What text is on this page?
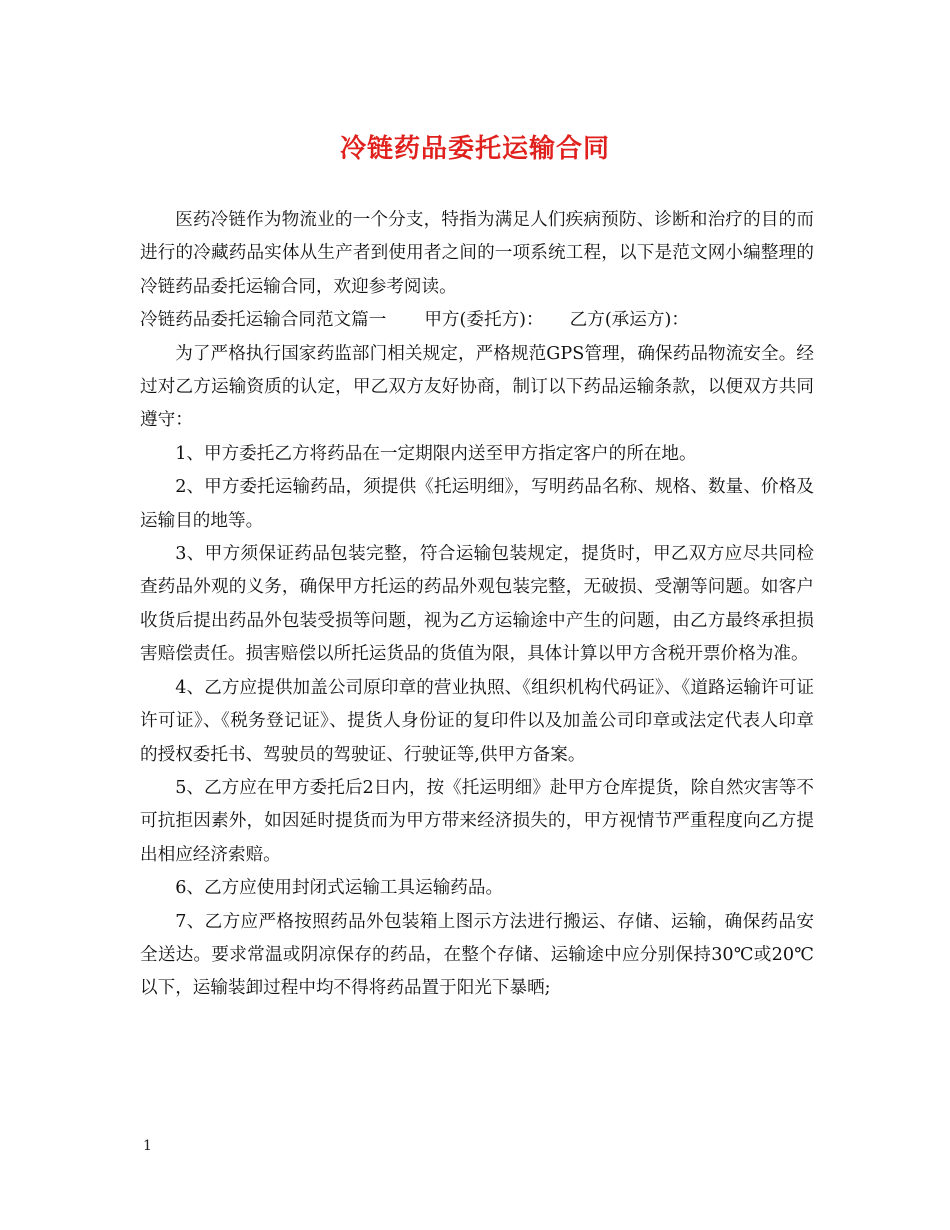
冷链药品委托运输合同

医药冷链作为物流业的一个分支，特指为满足人们疾病预防、诊断和治疗的目的而进行的冷藏药品实体从生产者到使用者之间的一项系统工程，以下是范文网小编整理的冷链药品委托运输合同，欢迎参考阅读。

冷链药品委托运输合同范文篇一 甲方(委托方)： 乙方(承运方)：

为了严格执行国家药监部门相关规定，严格规范GPS管理，确保药品物流安全。经过对乙方运输资质的认定，甲乙双方友好协商，制订以下药品运输条款，以便双方共同遵守：

1、甲方委托乙方将药品在一定期限内送至甲方指定客户的所在地。

2、甲方委托运输药品，须提供《托运明细》，写明药品名称、规格、数量、价格及运输目的地等。

3、甲方须保证药品包装完整，符合运输包装规定，提货时，甲乙双方应尽共同检查药品外观的义务，确保甲方托运的药品外观包装完整，无破损、受潮等问题。如客户收货后提出药品外包装受损等问题，视为乙方运输途中产生的问题，由乙方最终承担损害赔偿责任。损害赔偿以所托运货品的货值为限，具体计算以甲方含税开票价格为准。

4、乙方应提供加盖公司原印章的营业执照、《组织机构代码证》、《道路运输许可证许可证》、《税务登记证》、提货人身份证的复印件以及加盖公司印章或法定代表人印章的授权委托书、驾驶员的驾驶证、行驶证等,供甲方备案。

5、乙方应在甲方委托后2日内，按《托运明细》赴甲方仓库提货，除自然灾害等不可抗拒因素外，如因延时提货而为甲方带来经济损失的，甲方视情节严重程度向乙方提出相应经济索赔。

6、乙方应使用封闭式运输工具运输药品。

7、乙方应严格按照药品外包装箱上图示方法进行搬运、存储、运输，确保药品安全送达。要求常温或阴凉保存的药品，在整个存储、运输途中应分别保持30℃或20℃以下，运输装卸过程中均不得将药品置于阳光下暴晒;

1
